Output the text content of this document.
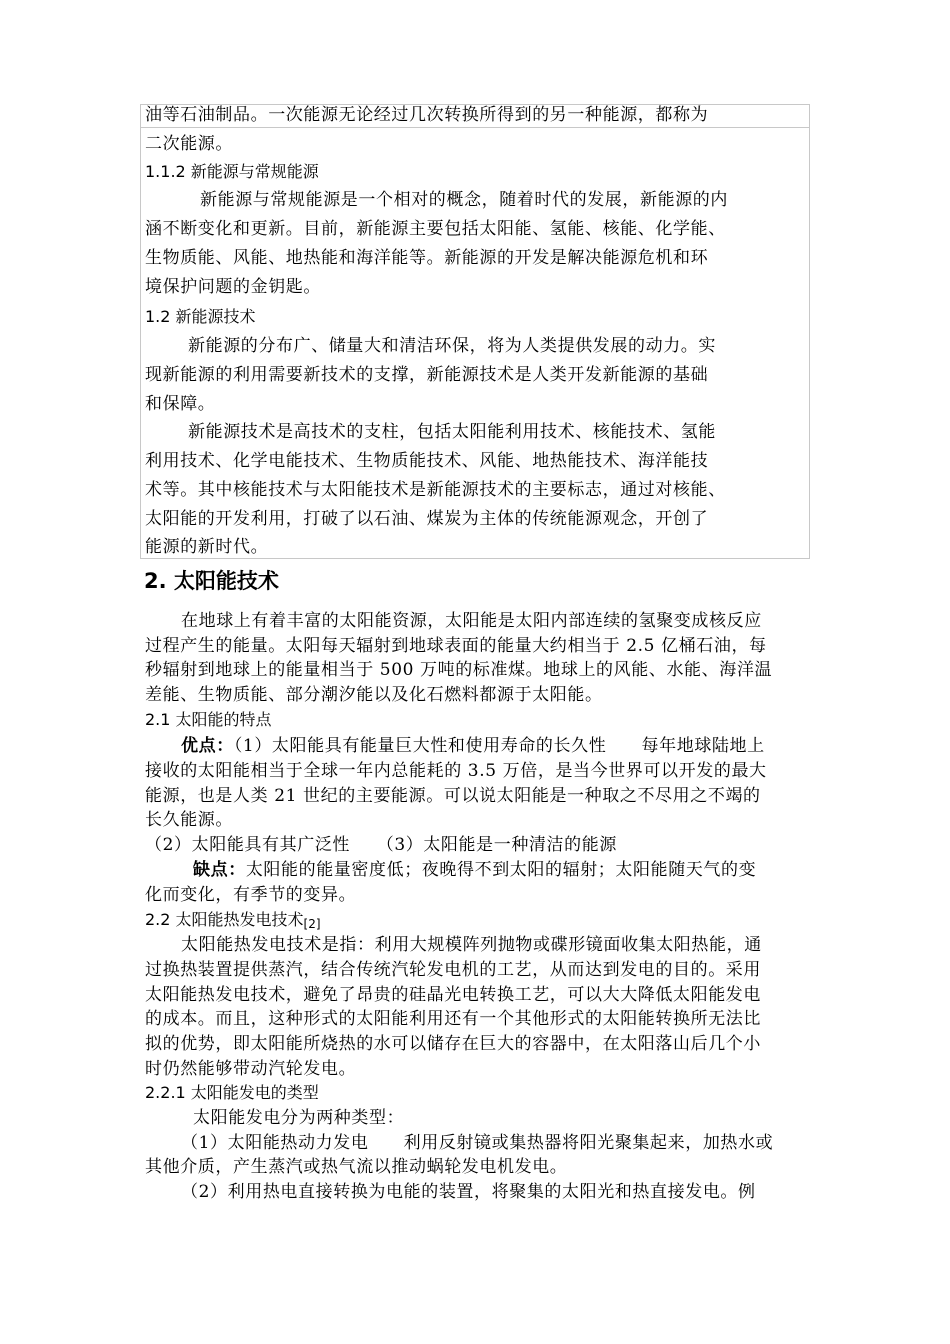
油等石油制品。一次能源无论经过几次转换所得到的另一种能源，都称为
二次能源。
1.1.2 新能源与常规能源
新能源与常规能源是一个相对的概念，随着时代的发展，新能源的内
涵不断变化和更新。目前，新能源主要包括太阳能、氢能、核能、化学能、
生物质能、风能、地热能和海洋能等。新能源的开发是解决能源危机和环
境保护问题的金钥匙。
1.2 新能源技术
新能源的分布广、储量大和清洁环保，将为人类提供发展的动力。实
现新能源的利用需要新技术的支撑，新能源技术是人类开发新能源的基础
和保障。
新能源技术是高技术的支柱，包括太阳能利用技术、核能技术、氢能
利用技术、化学电能技术、生物质能技术、风能、地热能技术、海洋能技
术等。其中核能技术与太阳能技术是新能源技术的主要标志，通过对核能、
太阳能的开发利用，打破了以石油、煤炭为主体的传统能源观念，开创了
能源的新时代。
2. 太阳能技术
在地球上有着丰富的太阳能资源，太阳能是太阳内部连续的氢聚变成核反应
过程产生的能量。太阳每天辐射到地球表面的能量大约相当于 2.5 亿桶石油，每
秒辐射到地球上的能量相当于 500 万吨的标准煤。地球上的风能、水能、海洋温
差能、生物质能、部分潮汐能以及化石燃料都源于太阳能。
2.1 太阳能的特点
优点：（1）太阳能具有能量巨大性和使用寿命的长久性　　每年地球陆地上
接收的太阳能相当于全球一年内总能耗的 3.5 万倍，是当今世界可以开发的最大
能源，也是人类 21 世纪的主要能源。可以说太阳能是一种取之不尽用之不竭的
长久能源。
（2）太阳能具有其广泛性　　（3）太阳能是一种清洁的能源
缺点：太阳能的能量密度低；夜晚得不到太阳的辐射；太阳能随天气的变
化而变化，有季节的变异。
2.2 太阳能热发电技术$_{[2]}$
太阳能热发电技术是指：利用大规模阵列抛物或碟形镜面收集太阳热能，通
过换热装置提供蒸汽，结合传统汽轮发电机的工艺，从而达到发电的目的。采用
太阳能热发电技术，避免了昂贵的硅晶光电转换工艺，可以大大降低太阳能发电
的成本。而且，这种形式的太阳能利用还有一个其他形式的太阳能转换所无法比
拟的优势，即太阳能所烧热的水可以储存在巨大的容器中，在太阳落山后几个小
时仍然能够带动汽轮发电。
2.2.1 太阳能发电的类型
太阳能发电分为两种类型：
（1）太阳能热动力发电　　利用反射镜或集热器将阳光聚集起来，加热水或
其他介质，产生蒸汽或热气流以推动蜗轮发电机发电。
（2）利用热电直接转换为电能的装置，将聚集的太阳光和热直接发电。例
